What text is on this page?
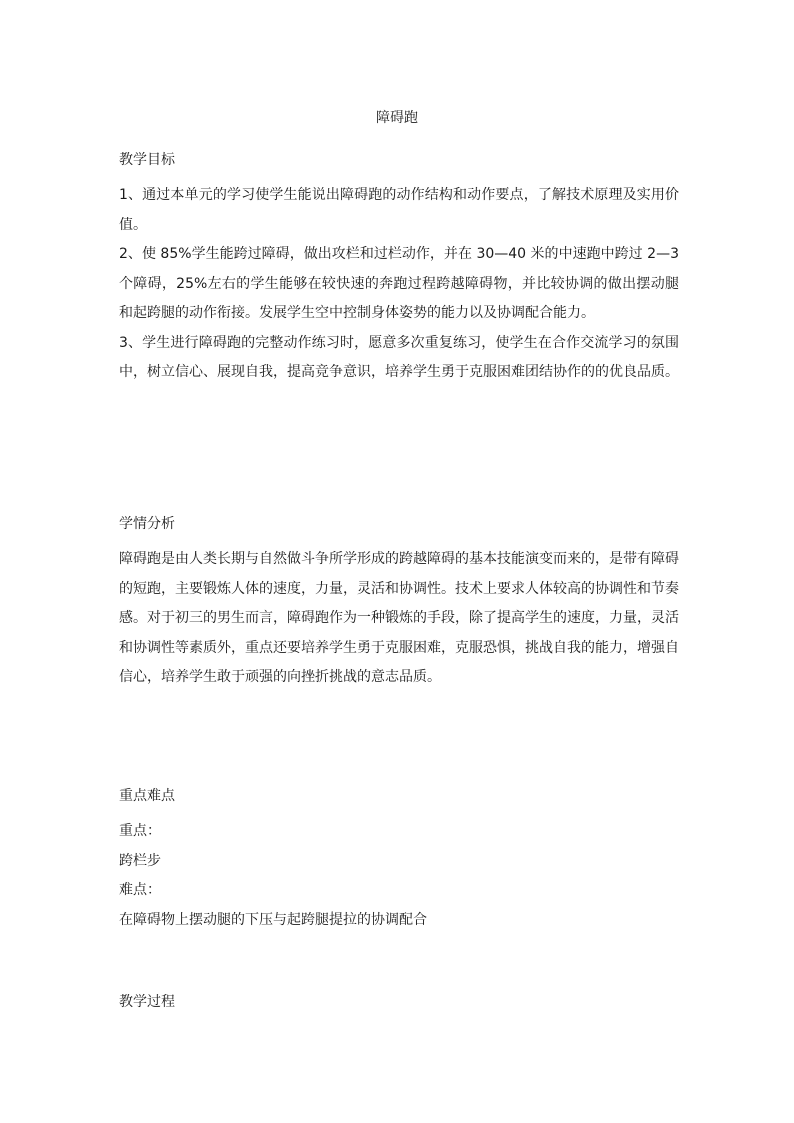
障碍跑
教学目标

1、通过本单元的学习使学生能说出障碍跑的动作结构和动作要点，了解技术原理及实用价值。

2、使 85%学生能跨过障碍，做出攻栏和过栏动作，并在 30—40 米的中速跑中跨过 2—3 个障碍，25%左右的学生能够在较快速的奔跑过程跨越障碍物，并比较协调的做出摆动腿和起跨腿的动作衔接。发展学生空中控制身体姿势的能力以及协调配合能力。

3、学生进行障碍跑的完整动作练习时，愿意多次重复练习，使学生在合作交流学习的氛围中，树立信心、展现自我，提高竞争意识，培养学生勇于克服困难团结协作的的优良品质。

学情分析

障碍跑是由人类长期与自然做斗争所学形成的跨越障碍的基本技能演变而来的，是带有障碍的短跑，主要锻炼人体的速度，力量，灵活和协调性。技术上要求人体较高的协调性和节奏感。对于初三的男生而言，障碍跑作为一种锻炼的手段，除了提高学生的速度，力量，灵活和协调性等素质外，重点还要培养学生勇于克服困难，克服恐惧，挑战自我的能力，增强自信心，培养学生敢于顽强的向挫折挑战的意志品质。

重点难点

重点：

跨栏步

难点：

在障碍物上摆动腿的下压与起跨腿提拉的协调配合

教学过程
